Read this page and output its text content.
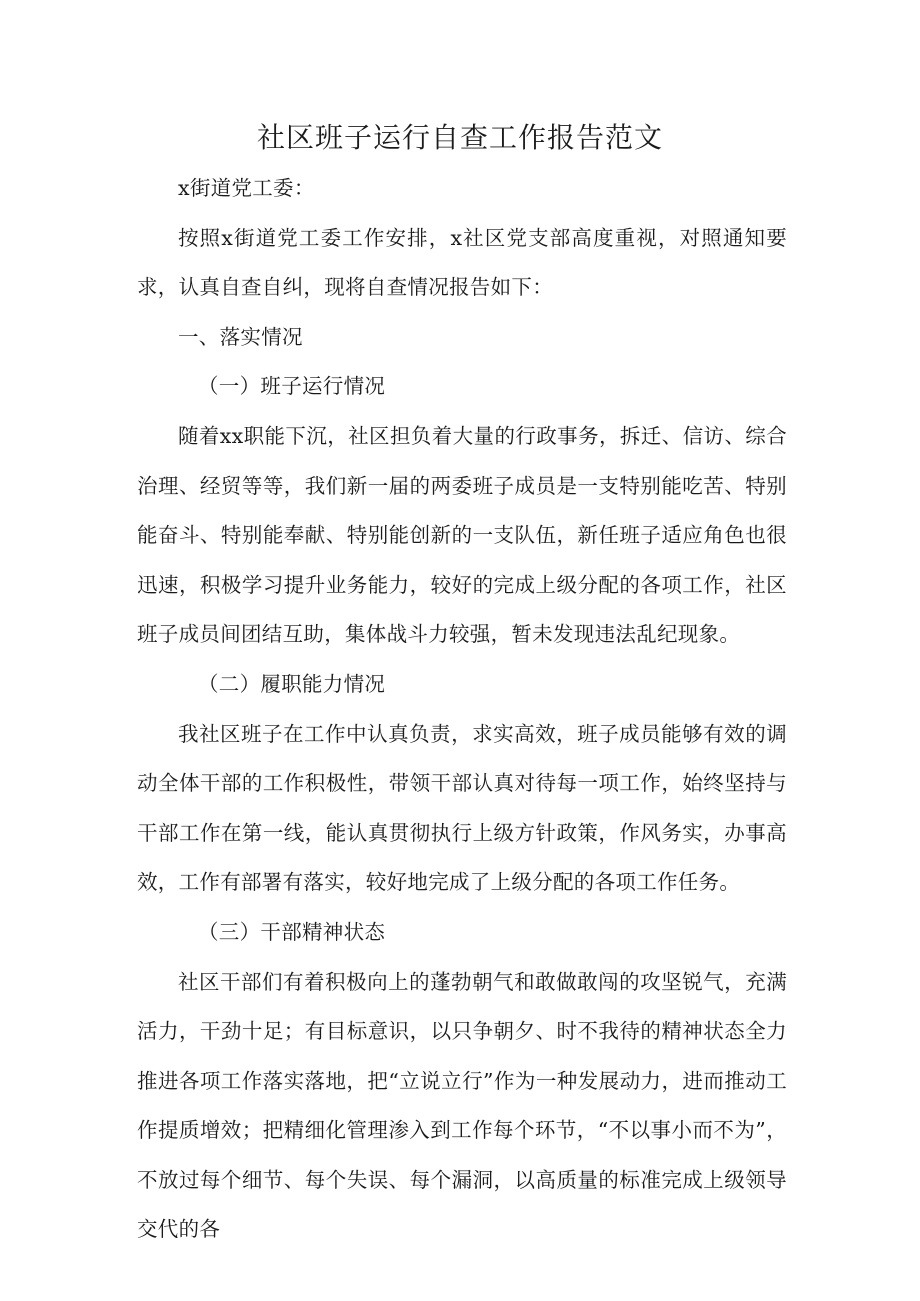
社区班子运行自查工作报告范文

x街道党工委：

按照x街道党工委工作安排，x社区党支部高度重视，对照通知要求，认真自查自纠，现将自查情况报告如下：

一、落实情况

（一）班子运行情况

随着xx职能下沉，社区担负着大量的行政事务，拆迁、信访、综合治理、经贸等等，我们新一届的两委班子成员是一支特别能吃苦、特别能奋斗、特别能奉献、特别能创新的一支队伍，新任班子适应角色也很迅速，积极学习提升业务能力，较好的完成上级分配的各项工作，社区班子成员间团结互助，集体战斗力较强，暂未发现违法乱纪现象。

（二）履职能力情况

我社区班子在工作中认真负责，求实高效，班子成员能够有效的调动全体干部的工作积极性，带领干部认真对待每一项工作，始终坚持与干部工作在第一线，能认真贯彻执行上级方针政策，作风务实，办事高效，工作有部署有落实，较好地完成了上级分配的各项工作任务。

（三）干部精神状态

社区干部们有着积极向上的蓬勃朝气和敢做敢闯的攻坚锐气，充满活力，干劲十足；有目标意识，以只争朝夕、时不我待的精神状态全力推进各项工作落实落地，把“立说立行”作为一种发展动力，进而推动工作提质增效；把精细化管理渗入到工作每个环节，“不以事小而不为”，不放过每个细节、每个失误、每个漏洞，以高质量的标准完成上级领导交代的各
